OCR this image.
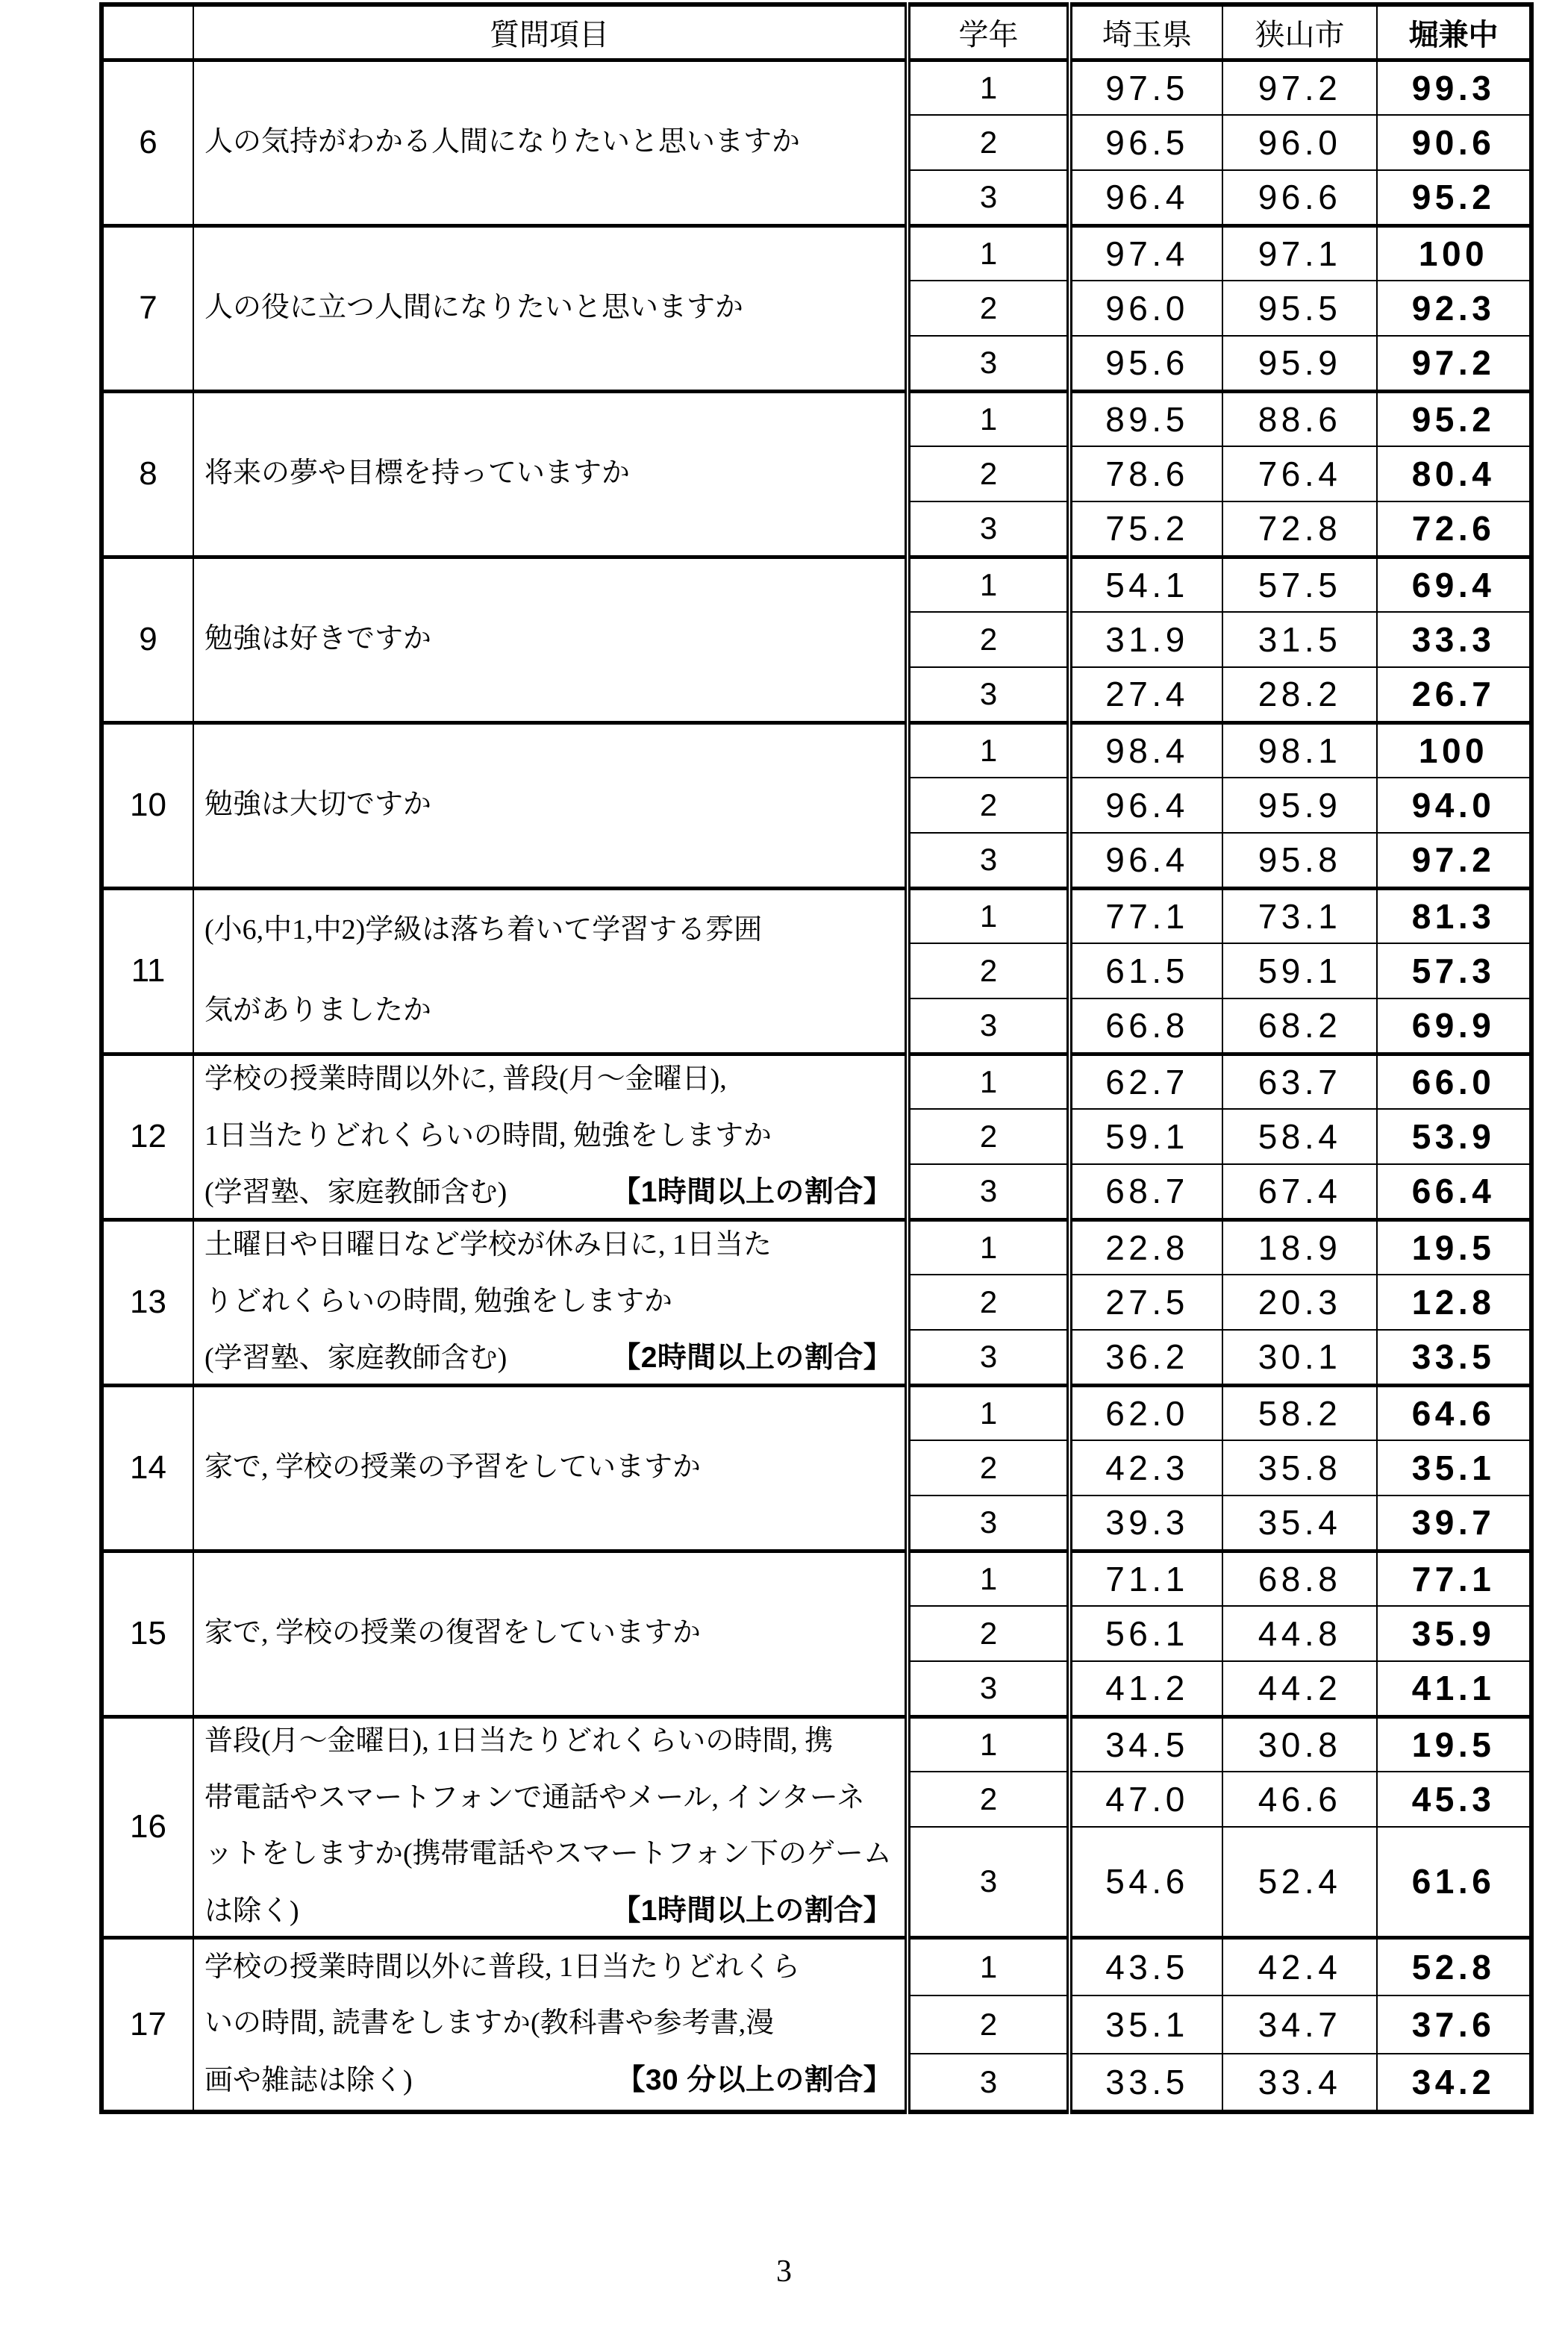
	質問項目	学年	埼玉県	狭山市	堀兼中
6	人の気持がわかる人間になりたいと思いますか	1	97.5	97.2	99.3
		2	96.5	96.0	90.6
		3	96.4	96.6	95.2
7	人の役に立つ人間になりたいと思いますか	1	97.4	97.1	100
		2	96.0	95.5	92.3
		3	95.6	95.9	97.2
8	将来の夢や目標を持っていますか	1	89.5	88.6	95.2
		2	78.6	76.4	80.4
		3	75.2	72.8	72.6
9	勉強は好きですか	1	54.1	57.5	69.4
		2	31.9	31.5	33.3
		3	27.4	28.2	26.7
10	勉強は大切ですか	1	98.4	98.1	100
		2	96.4	95.9	94.0
		3	96.4	95.8	97.2
11	(小6,中1,中2)学級は落ち着いて学習する雰囲
気がありましたか	1	77.1	73.1	81.3
		2	61.5	59.1	57.3
		3	66.8	68.2	69.9
12	学校の授業時間以外に, 普段(月～金曜日),
1日当たりどれくらいの時間, 勉強をしますか
(学習塾、家庭教師含む) 【1時間以上の割合】	1	62.7	63.7	66.0
		2	59.1	58.4	53.9
		3	68.7	67.4	66.4
13	土曜日や日曜日など学校が休み日に, 1日当た
りどれくらいの時間, 勉強をしますか
(学習塾、家庭教師含む) 【2時間以上の割合】	1	22.8	18.9	19.5
		2	27.5	20.3	12.8
		3	36.2	30.1	33.5
14	家で, 学校の授業の予習をしていますか	1	62.0	58.2	64.6
		2	42.3	35.8	35.1
		3	39.3	35.4	39.7
15	家で, 学校の授業の復習をしていますか	1	71.1	68.8	77.1
		2	56.1	44.8	35.9
		3	41.2	44.2	41.1
16	普段(月～金曜日), 1日当たりどれくらいの時間, 携
帯電話やスマートフォンで通話やメール, インターネ
ットをしますか(携帯電話やスマートフォン下のゲーム
は除く) 【1時間以上の割合】	1	34.5	30.8	19.5
		2	47.0	46.6	45.3
		3	54.6	52.4	61.6
17	学校の授業時間以外に普段, 1日当たりどれくら
いの時間, 読書をしますか(教科書や参考書,漫
画や雑誌は除く) 【30 分以上の割合】	1	43.5	42.4	52.8
		2	35.1	34.7	37.6
		3	33.5	33.4	34.2
3
